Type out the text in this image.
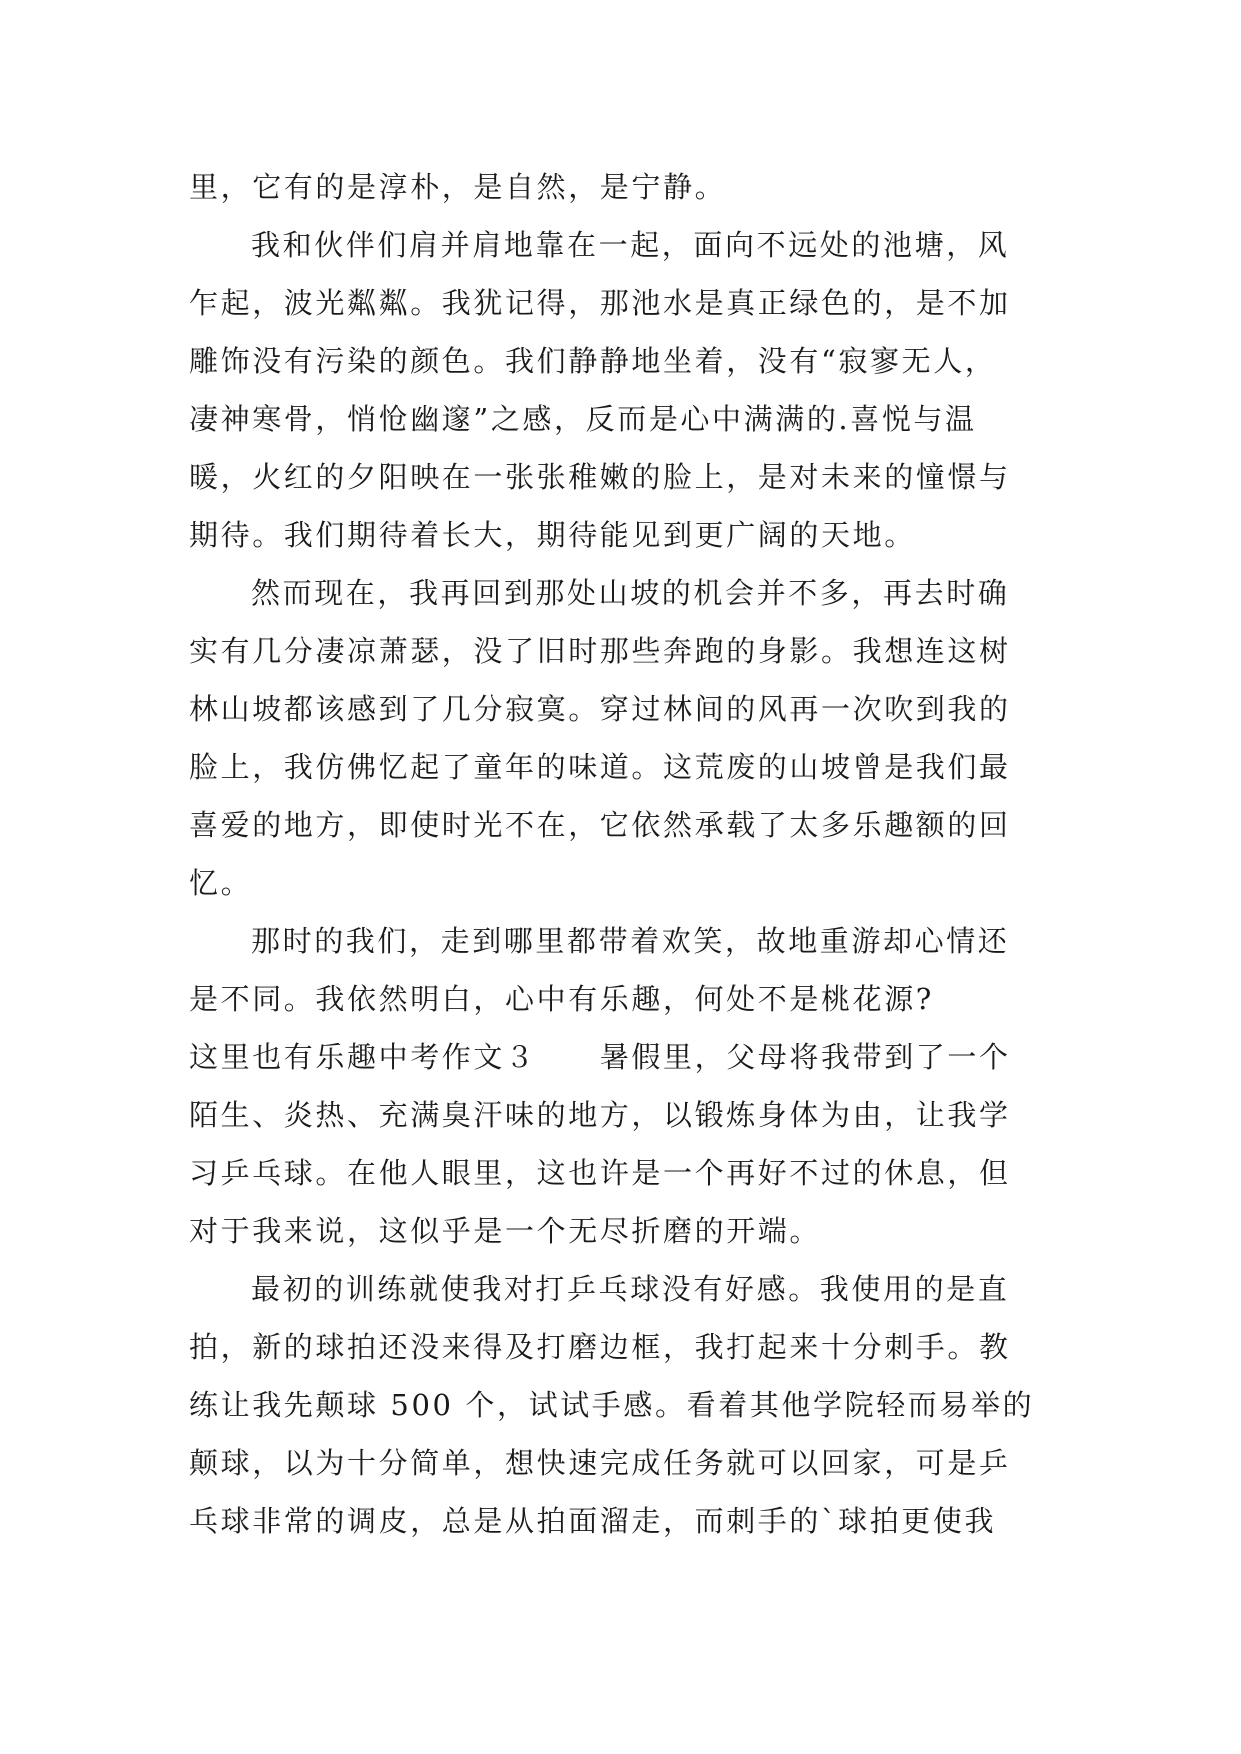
里，它有的是淳朴，是自然，是宁静。
我和伙伴们肩并肩地靠在一起，面向不远处的池塘，风
乍起，波光粼粼。我犹记得，那池水是真正绿色的，是不加
雕饰没有污染的颜色。我们静静地坐着，没有“寂寥无人，
凄神寒骨，悄怆幽邃”之感，反而是心中满满的.喜悦与温
暖，火红的夕阳映在一张张稚嫩的脸上，是对未来的憧憬与
期待。我们期待着长大，期待能见到更广阔的天地。
然而现在，我再回到那处山坡的机会并不多，再去时确
实有几分凄凉萧瑟，没了旧时那些奔跑的身影。我想连这树
林山坡都该感到了几分寂寞。穿过林间的风再一次吹到我的
脸上，我仿佛忆起了童年的味道。这荒废的山坡曾是我们最
喜爱的地方，即使时光不在，它依然承载了太多乐趣额的回
忆。
那时的我们，走到哪里都带着欢笑，故地重游却心情还
是不同。我依然明白，心中有乐趣，何处不是桃花源?
这里也有乐趣中考作文３　　暑假里，父母将我带到了一个
陌生、炎热、充满臭汗味的地方，以锻炼身体为由，让我学
习乒乓球。在他人眼里，这也许是一个再好不过的休息，但
对于我来说，这似乎是一个无尽折磨的开端。
最初的训练就使我对打乒乓球没有好感。我使用的是直
拍，新的球拍还没来得及打磨边框，我打起来十分刺手。教
练让我先颠球 500 个，试试手感。看着其他学院轻而易举的
颠球，以为十分简单，想快速完成任务就可以回家，可是乒
乓球非常的调皮，总是从拍面溜走，而刺手的`球拍更使我
